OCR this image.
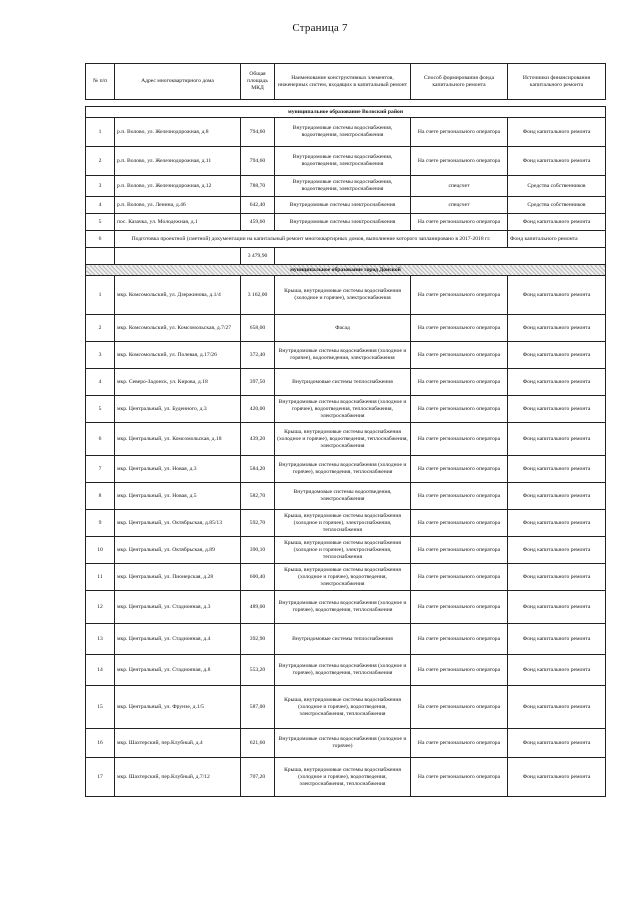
Страница 7
№ п/п	Адрес многоквартирного дома	Общая площадь МКД	Наименование конструктивных элементов, инженерных систем, входящих в капитальный ремонт	Способ формирования фонда капитального ремонта	Источники финансирования капитального ремонта

муниципальное образование Волоский район					
1	р.п. Волово, ул. Железнодорожная, д.8	794,60	Внутридомовые системы водоснабжения, водоотведения, электроснабжения	На счете регионального оператора	Фонд капитального ремонта
2	р.п. Волово, ул. Железнодорожная, д.11	794,60	Внутридомовые системы водоснабжения, водоотведения, электроснабжения	На счете регионального оператора	Фонд капитального ремонта
3	р.п. Волово, ул. Железнодорожная, д.12	788,70	Внутридомовые системы водоснабжения, водоотведения, электроснабжения	спецсчет	Средства собственников
4	р.п. Волово, ул. Ленина, д.46	642,40	Внутридомовые системы электроснабжения	спецсчет	Средства собственников
5	пос. Казачка, ул. Молодежная, д.1	459,60	Внутридомовые системы электроснабжения	На счете регионального оператора	Фонд капитального ремонта
6	Подготовка проектной (сметной) документации на капитальный ремонт многоквартирных домов, выполнение которого запланировано в 2017-2018 гг.				Фонд капитального ремонта
		3 479,90			
муниципальное образование город Донской					
1	мкр. Комсомольский, ул. Дзержинова, д.1/4	3 162,00	Крыша, внутридомовые системы водоснабжения (холодное и горячее), электроснабжения	На счете регионального оператора	Фонд капитального ремонта
2	мкр. Комсомольский, ул. Комсомольская, д.7/27	658,00	Фасад	На счете регионального оператора	Фонд капитального ремонта
3	мкр. Комсомольский, ул. Полевая, д.17/26	372,40	Внутридомовые системы водоснабжения (холодное и горячее), водоотведения, электроснабжения	На счете регионального оператора	Фонд капитального ремонта
4	мкр. Северо-Задонск, ул. Кирова, д.18	397,50	Внутридомовые системы теплоснабжения	На счете регионального оператора	Фонд капитального ремонта
5	мкр. Центральный, ул. Буденного, д.3	420,00	Внутридомовые системы водоснабжения (холодное и горячее), водоотведения, теплоснабжения, электроснабжения	На счете регионального оператора	Фонд капитального ремонта
6	мкр. Центральный, ул. Комсомольская, д.18	439,20	Крыша, внутридомовые системы водоснабжения (холодное и горячее), водоотведения, теплоснабжения, электроснабжения	На счете регионального оператора	Фонд капитального ремонта
7	мкр. Центральный, ул. Новая, д.3	584,20	Внутридомовые системы водоснабжения (холодное и горячее), водоотведения, теплоснабжения	На счете регионального оператора	Фонд капитального ремонта
8	мкр. Центральный, ул. Новая, д.5	582,70	Внутридомовые системы водоотведения, электроснабжения	На счете регионального оператора	Фонд капитального ремонта
9	мкр. Центральный, ул. Октябрьская, д.85/13	592,70	Крыша, внутридомовые системы водоснабжения (холодное и горячее), электроснабжения, теплоснабжения	На счете регионального оператора	Фонд капитального ремонта
10	мкр. Центральный, ул. Октябрьская, д.89	390,10	Крыша, внутридомовые системы водоснабжения (холодное и горячее), электроснабжения, теплоснабжения	На счете регионального оператора	Фонд капитального ремонта
11	мкр. Центральный, ул. Пионерская, д.28	600,40	Крыша, внутридомовые системы водоснабжения (холодное и горячее), водоотведения, электроснабжения	На счете регионального оператора	Фонд капитального ремонта
12	мкр. Центральный, ул. Стадионная, д.3	489,00	Внутридомовые системы водоснабжения (холодное и горячее), водоотведения, теплоснабжения	На счете регионального оператора	Фонд капитального ремонта
13	мкр. Центральный, ул. Стадионная, д.4	392,90	Внутридомовые системы теплоснабжения	На счете регионального оператора	Фонд капитального ремонта
14	мкр. Центральный, ул. Стадионная, д.8	553,20	Внутридомовые системы водоснабжения (холодное и горячее), водоотведения, теплоснабжения	На счете регионального оператора	Фонд капитального ремонта
15	мкр. Центральный, ул. Фрунзе, д.1/5	587,00	Крыша, внутридомовые системы водоснабжения (холодное и горячее), водоотведения, электроснабжения, теплоснабжения	На счете регионального оператора	Фонд капитального ремонта
16	мкр. Шахтерский, пер.Клубный, д.4	621,60	Внутридомовые системы водоснабжения (холодное и горячее)	На счете регионального оператора	Фонд капитального ремонта
17	мкр. Шахтерский, пер.Клубный, д.7/12	707,20	Крыша, внутридомовые системы водоснабжения (холодное и горячее), водоотведения, электроснабжения, теплоснабжения	На счете регионального оператора	Фонд капитального ремонта
